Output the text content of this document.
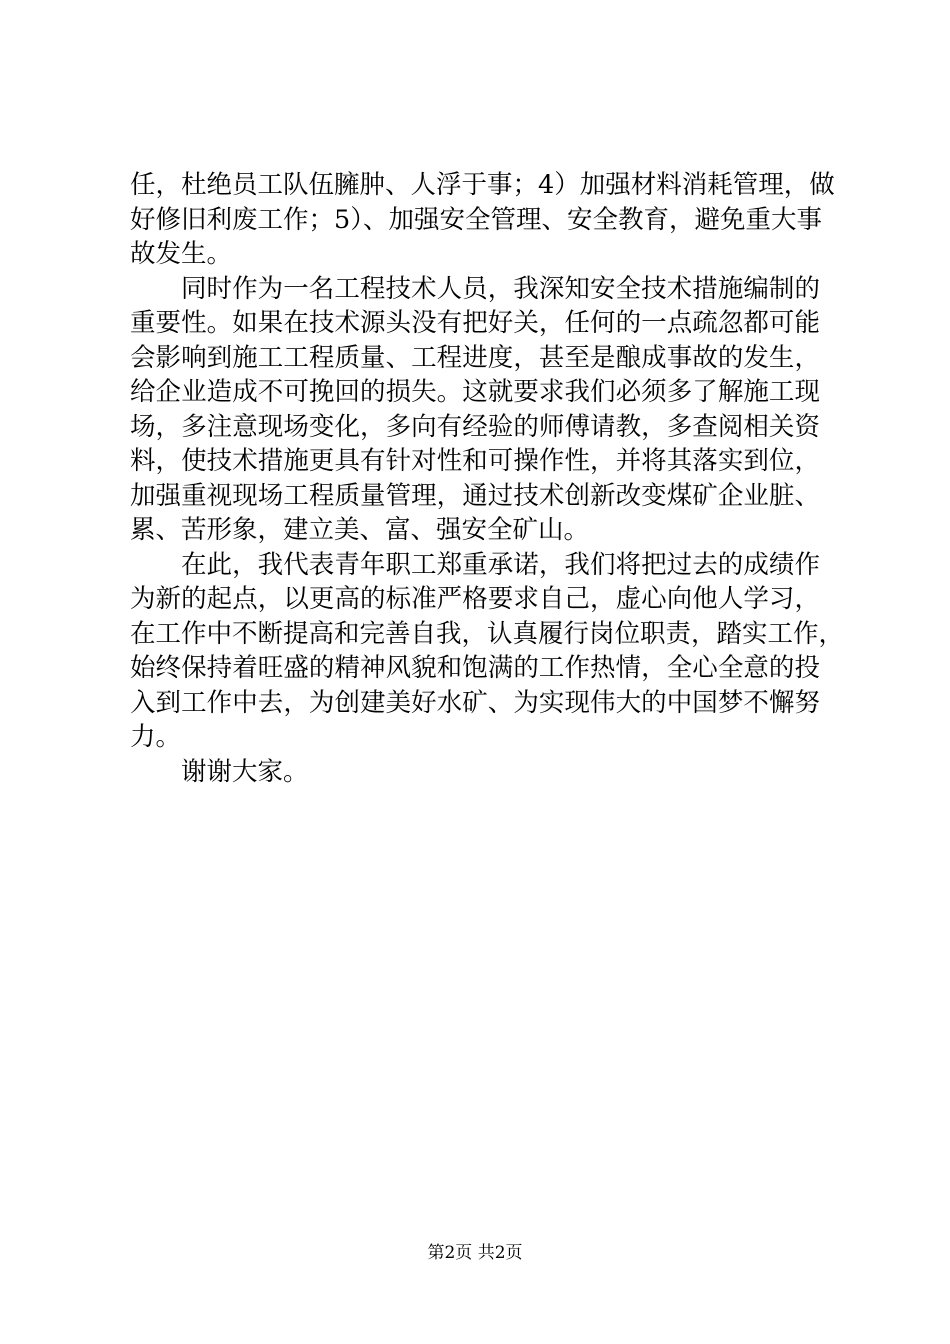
任，杜绝员工队伍臃肿、人浮于事；4）加强材料消耗管理，做
好修旧利废工作；5）、加强安全管理、安全教育，避免重大事
故发生。
同时作为一名工程技术人员，我深知安全技术措施编制的
重要性。如果在技术源头没有把好关，任何的一点疏忽都可能
会影响到施工工程质量、工程进度，甚至是酿成事故的发生，
给企业造成不可挽回的损失。这就要求我们必须多了解施工现
场，多注意现场变化，多向有经验的师傅请教，多查阅相关资
料，使技术措施更具有针对性和可操作性，并将其落实到位，
加强重视现场工程质量管理，通过技术创新改变煤矿企业脏、
累、苦形象，建立美、富、强安全矿山。
在此，我代表青年职工郑重承诺，我们将把过去的成绩作
为新的起点，以更高的标准严格要求自己，虚心向他人学习，
在工作中不断提高和完善自我，认真履行岗位职责，踏实工作，
始终保持着旺盛的精神风貌和饱满的工作热情，全心全意的投
入到工作中去，为创建美好水矿、为实现伟大的中国梦不懈努
力。
谢谢大家。
第2页 共2页
